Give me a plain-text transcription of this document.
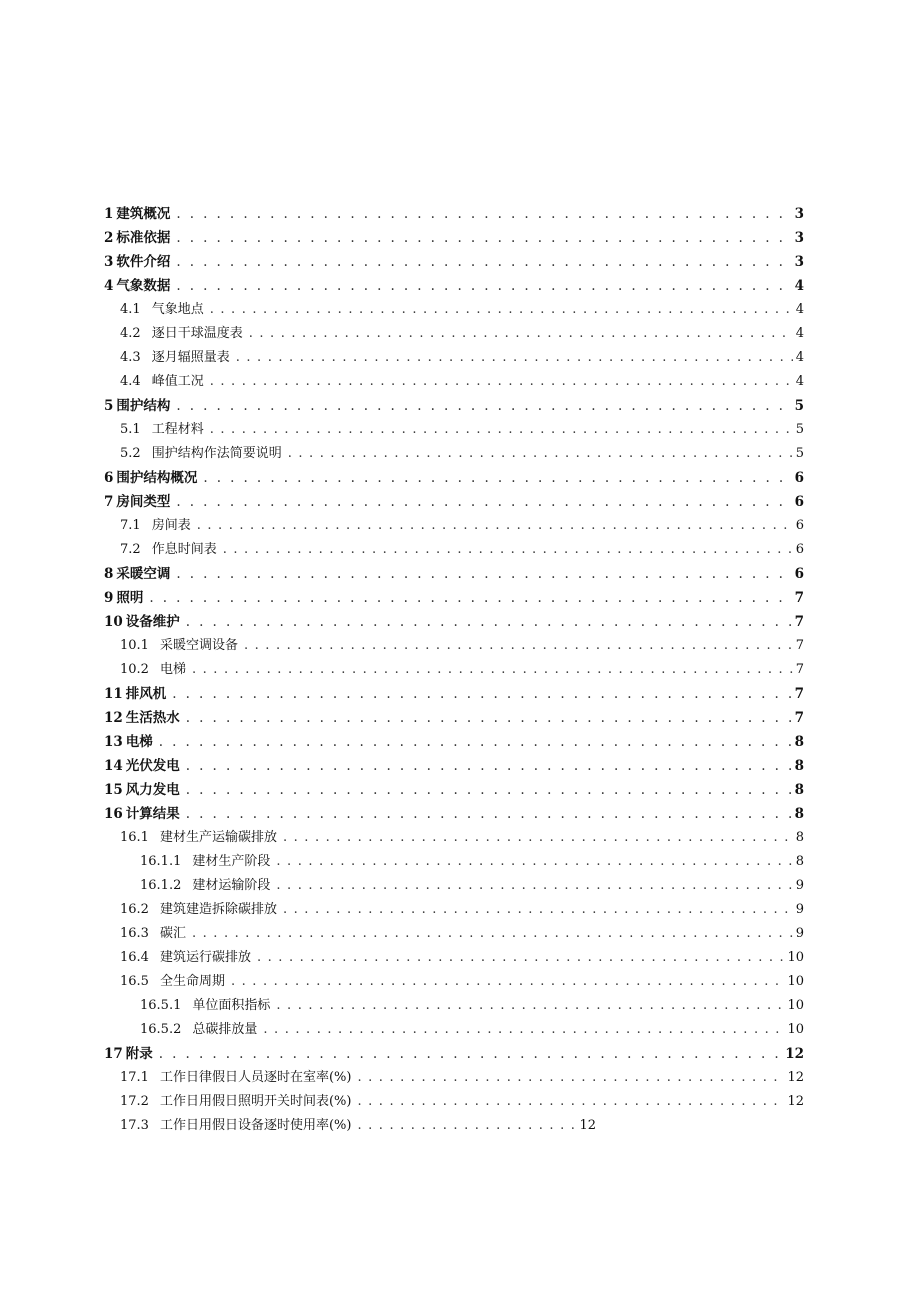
1 建筑概况 . . .	3
2 标准依据 . . .	3
3 软件介绍 . . .	3
4 气象数据 . . .	4
4.1 气象地点 . . .	4
4.2 逐日干球温度表 . . .	4
4.3 逐月辐照量表 . . .	4
4.4 峰值工况 . . .	4
5 围护结构 . . .	5
5.1 工程材料 . . .	5
5.2 围护结构作法简要说明 . . .	5
6 围护结构概况 . . .	6
7 房间类型 . . .	6
7.1 房间表 . . .	6
7.2 作息时间表 . . .	6
8 采暖空调 . . .	6
9 照明 . . .	7
10 设备维护 . . .	7
10.1 采暖空调设备 . . .	7
10.2 电梯 . . .	7
11 排风机 . . .	7
12 生活热水 . . .	7
13 电梯 . . .	8
14 光伏发电 . . .	8
15 风力发电 . . .	8
16 计算结果 . . .	8
16.1 建材生产运输碳排放 . . .	8
16.1.1 建材生产阶段 . . .	8
16.1.2 建材运输阶段 . . .	9
16.2 建筑建造拆除碳排放 . . .	9
16.3 碳汇 . . .	9
16.4 建筑运行碳排放 . . .	10
16.5 全生命周期 . . .	10
16.5.1 单位面积指标 . . .	10
16.5.2 总碳排放量 . . .	10
17 附录 . . .	12
17.1 工作日律假日人员逐时在室率(%) . . .	12
17.2 工作日用假日照明开关时间表(%) . . .	12
17.3 工作日用假日设备逐时使用率(%) . . .	12
